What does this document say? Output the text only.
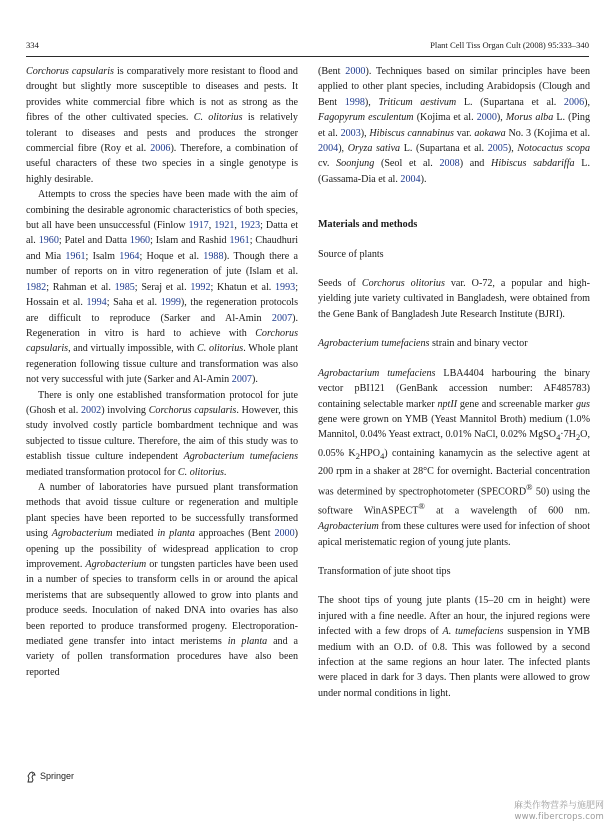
334	Plant Cell Tiss Organ Cult (2008) 95:333–340

Corchorus capsularis is comparatively more resistant to flood and drought but slightly more susceptible to diseases and pests. It provides white commercial fibre which is not as strong as the fibres of the other cultivated species. C. olitorius is relatively tolerant to diseases and pests and produces the stronger commercial fibre (Roy et al. 2006). Therefore, a combination of useful characters of these two species in a single genotype is highly desirable.

Attempts to cross the species have been made with the aim of combining the desirable agronomic characteristics of both species, but all have been unsuccessful (Finlow 1917, 1921, 1923; Datta et al. 1960; Patel and Datta 1960; Islam and Rashid 1961; Chaudhuri and Mia 1961; Isalm 1964; Hoque et al. 1988). Though there a number of reports on in vitro regeneration of jute (Islam et al. 1982; Rahman et al. 1985; Seraj et al. 1992; Khatun et al. 1993; Hossain et al. 1994; Saha et al. 1999), the regeneration protocols are difficult to reproduce (Sarker and Al-Amin 2007). Regeneration in vitro is hard to achieve with Corchorus capsularis, and virtually impossible, with C. olitorius. Whole plant regeneration following tissue culture and transformation was also not very successful with jute (Sarker and Al-Amin 2007).

There is only one established transformation protocol for jute (Ghosh et al. 2002) involving Corchorus capsularis. However, this study involved costly particle bombardment technique and was subjected to tissue culture. Therefore, the aim of this study was to establish tissue culture independent Agrobacterium tumefaciens mediated transformation protocol for C. olitorius.

A number of laboratories have pursued plant transformation methods that avoid tissue culture or regeneration and multiple plant species have been reported to be successfully transformed using Agrobacterium mediated in planta approaches (Bent 2000) opening up the possibility of widespread application to crop improvement. Agrobacterium or tungsten particles have been used in a number of species to transform cells in or around the apical meristems that are subsequently allowed to grow into plants and produce seeds. Inoculation of naked DNA into ovaries has also been reported to produce transformed progeny. Electroporation-mediated gene transfer into intact meristems in planta and a variety of pollen transformation procedures have also been reported

(Bent 2000). Techniques based on similar principles have been applied to other plant species, including Arabidopsis (Clough and Bent 1998), Triticum aestivum L. (Supartana et al. 2006), Fagopyrum esculentum (Kojima et al. 2000), Morus alba L. (Ping et al. 2003), Hibiscus cannabinus var. aokawa No. 3 (Kojima et al. 2004), Oryza sativa L. (Supartana et al. 2005), Notocactus scopa cv. Soonjung (Seol et al. 2008) and Hibiscus sabdariffa L. (Gassama-Dia et al. 2004).

Materials and methods
Source of plants

Seeds of Corchorus olitorius var. O-72, a popular and high-yielding jute variety cultivated in Bangladesh, were obtained from the Gene Bank of Bangladesh Jute Research Institute (BJRI).

Agrobacterium tumefaciens strain and binary vector

Agrobactarium tumefaciens LBA4404 harbouring the binary vector pBI121 (GenBank accession number: AF485783) containing selectable marker nptII gene and screenable marker gus gene were grown on YMB (Yeast Mannitol Broth) medium (1.0% Mannitol, 0.04% Yeast extract, 0.01% NaCl, 0.02% $MgSO_4\cdot 7H_2O$, 0.05% $K_2HPO_4$) containing kanamycin as the selective agent at 200 rpm in a shaker at 28°C for overnight. Bacterial concentration was determined by spectrophotometer (SPECORD® 50) using the software WinASPECT® at a wavelength of 600 nm. Agrobacterium from these cultures were used for infection of shoot apical meristematic region of young jute plants.

Transformation of jute shoot tips

The shoot tips of young jute plants (15–20 cm in height) were injured with a fine needle. After an hour, the injured regions were infected with a few drops of A. tumefaciens suspension in YMB medium with an O.D. of 0.8. This was followed by a second infection at the same regions an hour later. The infected plants were placed in dark for 3 days. Then plants were allowed to grow under normal conditions in light.

Springer
麻类作物营养与施肥网
www.fibercrops.com
